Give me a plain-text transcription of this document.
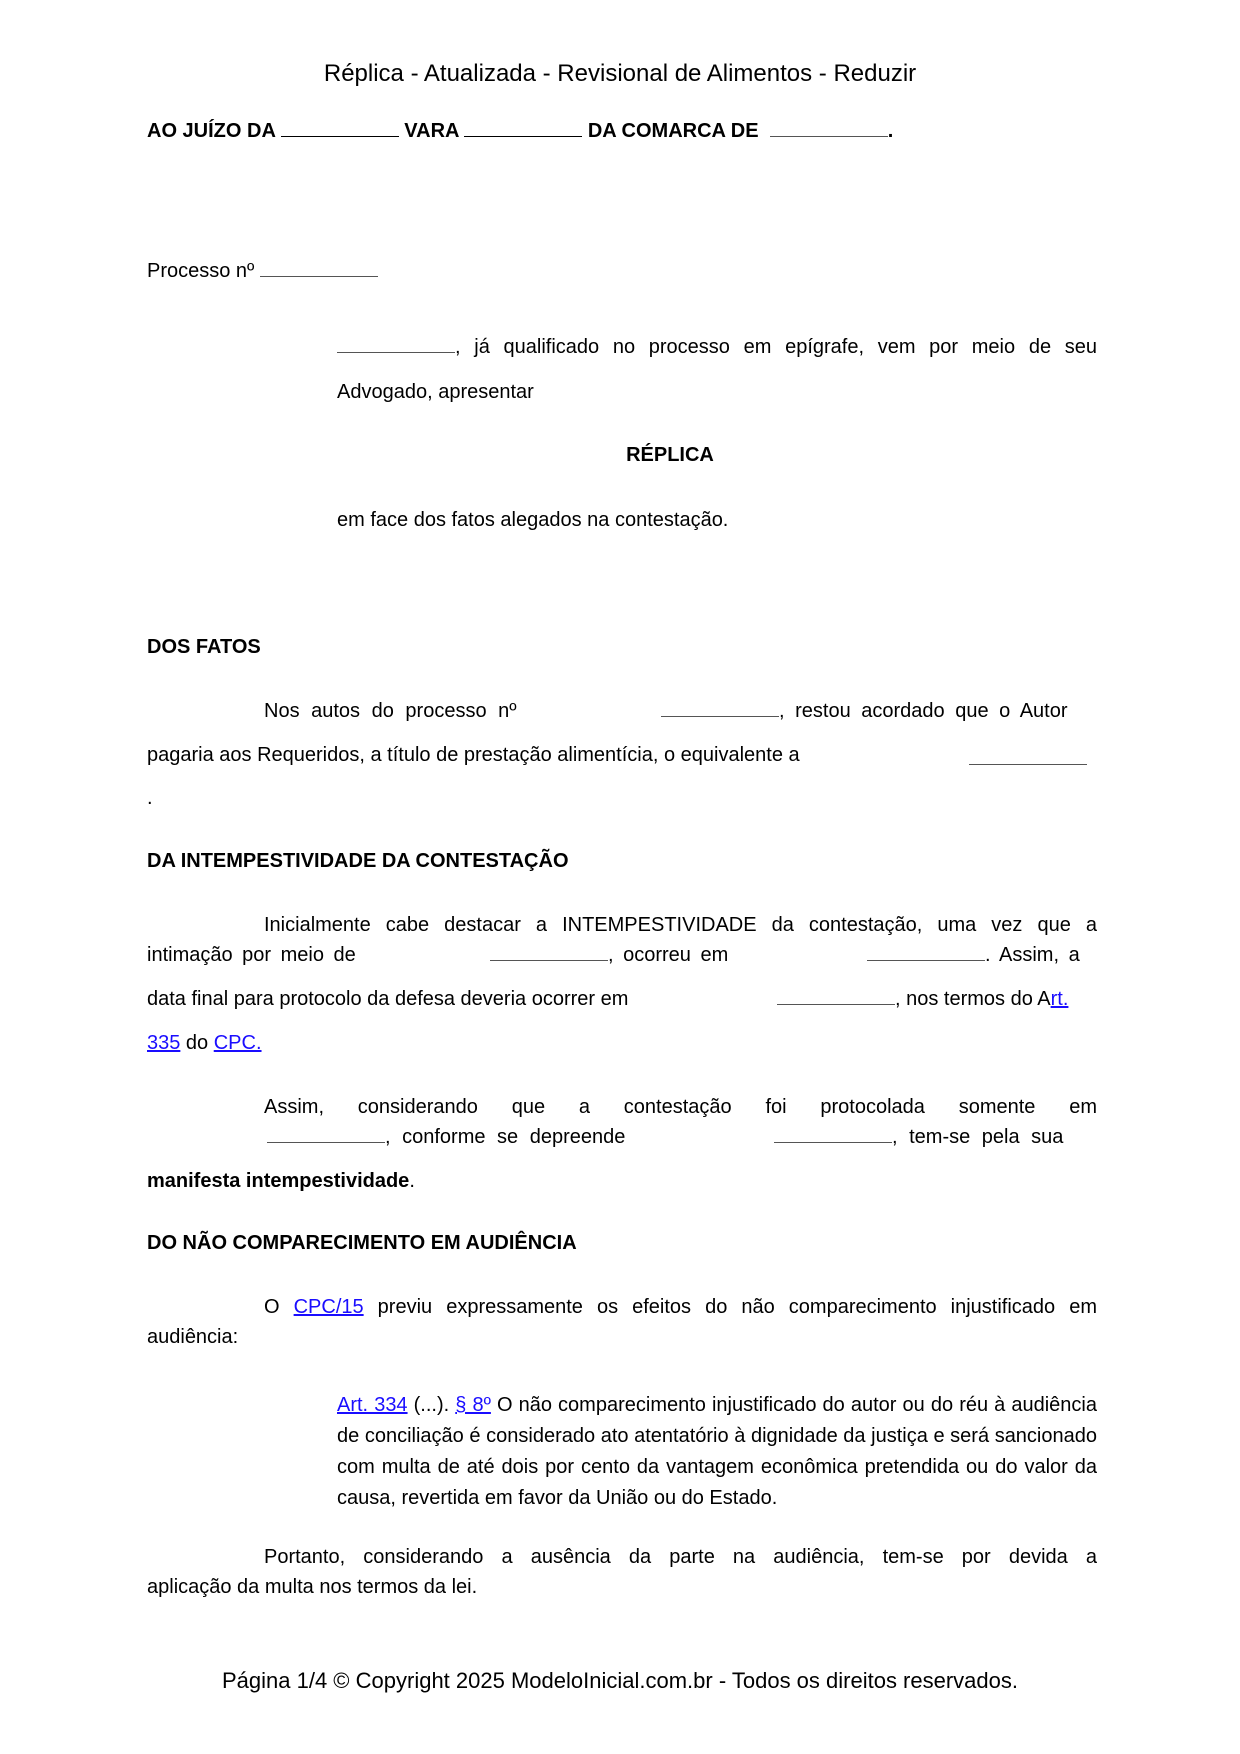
Réplica - Atualizada - Revisional de Alimentos - Reduzir
AO JUÍZO DA	VARA	DA COMARCA DE	.
Processo nº
, já qualificado no processo em epígrafe, vem por meio de seu
Advogado, apresentar
RÉPLICA
em face dos fatos alegados na contestação.
DOS FATOS
Nos autos do processo nº	, restou acordado que o Autor
pagaria aos Requeridos, a título de prestação alimentícia, o equivalente a
.
DA INTEMPESTIVIDADE DA CONTESTAÇÃO
Inicialmente cabe destacar a INTEMPESTIVIDADE da contestação, uma vez que a
intimação por meio de	, ocorreu em	. Assim, a
data final para protocolo da defesa deveria ocorrer em	, nos termos do Art.
335 do CPC.
Assim, considerando que a contestação foi protocolada somente em
, conforme se depreende	, tem-se pela sua
manifesta intempestividade.
DO NÃO COMPARECIMENTO EM AUDIÊNCIA
O CPC/15 previu expressamente os efeitos do não comparecimento injustificado em
audiência:
Art. 334 (...). § 8º O não comparecimento injustificado do autor ou do réu à audiência de conciliação é considerado ato atentatório à dignidade da justiça e será sancionado com multa de até dois por cento da vantagem econômica pretendida ou do valor da causa, revertida em favor da União ou do Estado.
Portanto, considerando a ausência da parte na audiência, tem-se por devida a
aplicação da multa nos termos da lei.
Página 1/4 © Copyright 2025 ModeloInicial.com.br - Todos os direitos reservados.
